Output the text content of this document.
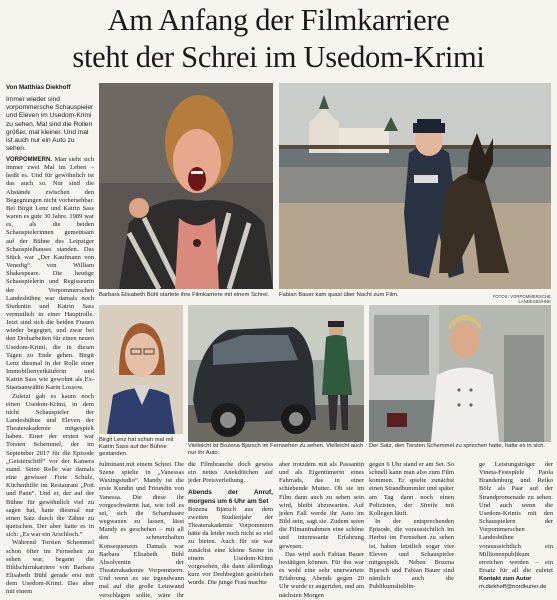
Am Anfang der Filmkarriere
steht der Schrei im Usedom-Krimi
Von Matthias Diekhoff
Immer wieder sind vorpommersche Schauspieler und Eleven im Usedom-Krimi zu sehen. Mal sind die Rollen größer, mal kleiner. Und mal ist auch nur ein Auto zu sehen.

VORPOMMERN. Man sieht sich immer zwei Mal im Leben – heißt es. Und für gewöhnlich ist das auch so. Nur sind die Abstände zwischen den Begegnungen nicht vorhersehbar. Bei Birgit Lenz und Katrin Sass waren es gute 30 Jahre. 1989 war es, als die beiden Schauspielerinnen gemeinsam auf der Bühne des Leipziger Schauspielhauses standen. Das Stück war „Der Kaufmann von Venedig“ von William Shakespeare. Die heutige Schauspielerin und Regisseurin der Vorpommerschen Landesbühne war damals noch Studentin und Katrin Sass vermutlich in einer Hauptrolle. Jetzt sind sich die beiden Frauen wieder begegnet, und zwar bei den Dreharbeiten für einen neuen Usedom-Krimi, die in diesen Tagen zu Ende gehen. Birgit Lenz diesmal in der Rolle einer Immobilienverkäuferin und Katrin Sass wie gewohnt als Ex-Staatsanwältin Karin Lossow.

Zuletzt gab es kaum noch einen Usedom-Krimi, in dem nicht Schauspieler der Landesbühne und Eleven der Theaterakademie mitgespielt haben. Einer der ersten war Torsten Schemmel, der im September 2017 für die Episode „Geisterschiff“ vor der Kamera stand. Seine Rolle war damals eine gewisser Fiete Schulz, Küchenhilfe im Restaurant „Pott und Pann“. Und er, der auf der Bühne für gewöhnlich viel zu sagen hat, hatte diesmal nur einen Satz durch die Zähne zu quetschen. Der aber hatte es in sich: „Es war ein Arschloch.“

Während Torsten Schemmel schon öfter im Fernsehen zu sehen war, begann die Bildschirmkarriere von Barbara Elisabeth Bühl gerade erst mit dem Usedom-Krimi. Das aber mit einem

Barbara Elisabeth Bühl startete ihre Filmkarriere mit einem Schrei.	Fabian Bauer kam quasi über Nacht zum Film.	FOTOS: VORPOMMERSCHE LANDESBÜHNE
Birgit Lenz hat schon mal mit Katrin Sass auf der Bühne gestanden.
Vielleicht ist Bozena Bjarsch im Fernsehen zu sehen. Vielleicht auch nur ihr Auto.
Der Satz, den Torsten Schemmel zu sprechen hatte, hatte es in sich.

fulminant mit einem Schrei. Die Szene spielte in „Vanessas Waxingstudio“. Mandy ist die erste Kundin und Freundin von Vanessa. Die diese ihr vorgeschwärmt hat, wie toll es sei, sich die Schamhaare wegwaxen zu lassen, lässt Mandy es geschehen – mit all den schmerzhaften Konsequenzen. Damals war Barbara Elisabeth Bühl Absolventin der Theaterakademie Vorpommern. Und wenn es sie irgendwann mal auf die große Leinwand verschlagen sollte, wäre ihr

die Filmbranche doch gewiss ein nettes Anekdötchen auf jeder Preisverleihung.

Abends der Anruf, morgens um 6 Uhr am Set

Bozena Bjarsch aus dem zweiten Studienjahr der Theaterakademie Vorpommern hätte da leider noch nicht so viel zu bieten. Auch für sie war zunächst eine kleine Szene in einem Usedom-Krimi vorgesehen, die dann allerdings kurz vor Drehbeginn gestrichen wurde. Die junge Frau machte

aber trotzdem mit als Passantin und als Eigentümerin eines Fahrrads, das in einer schiebende Mutter. Ob sie im Film dann auch zu sehen sein wird, bleibt abzuwarten. Auf jeden Fall werde ihr Auto im Bild sein, sagt sie. Zudem seien die Filmaufnahmen eine schöne und interessante Erfahrung gewesen.

Das wird auch Fabian Bauer bestätigen können. Für ihn war es wohl eine sehr unerwartete Erfahrung. Abends gegen 20 Uhr wurde er angerufen, und am nächsten Morgen

gegen 6 Uhr stand er am Set. So schnell kann man also zum Film kommen. Er spielte zunächst einen Strandbummler und später am Tag dann noch einen Polizisten, der Streife mit Kollegen läuft.

In der entsprechenden Episode, die voraussichtlich im Herbst im Fernsehen zu sehen ist, haben letztlich sogar vier Eleven und Schauspieler mitgespielt. Neben Bozena Bjarsch und Fabian Bauer sind nämlich auch die Publikumslieblin-

ge Leistungsträger der Vineta-Festspiele Paola Brandenburg und Reiko Bölz als Paar auf der Strandpromenade zu sehen. Und auch wenn die Usedom-Krimis mit den Schauspielern der Vorpommerschen Landesbühne vorausssichtlich ein Millionenpublikum erreichen werden – ein Ersatz für all die zuletzt

Kontakt zum Autor
m.diekhoff@nordkurier.de
